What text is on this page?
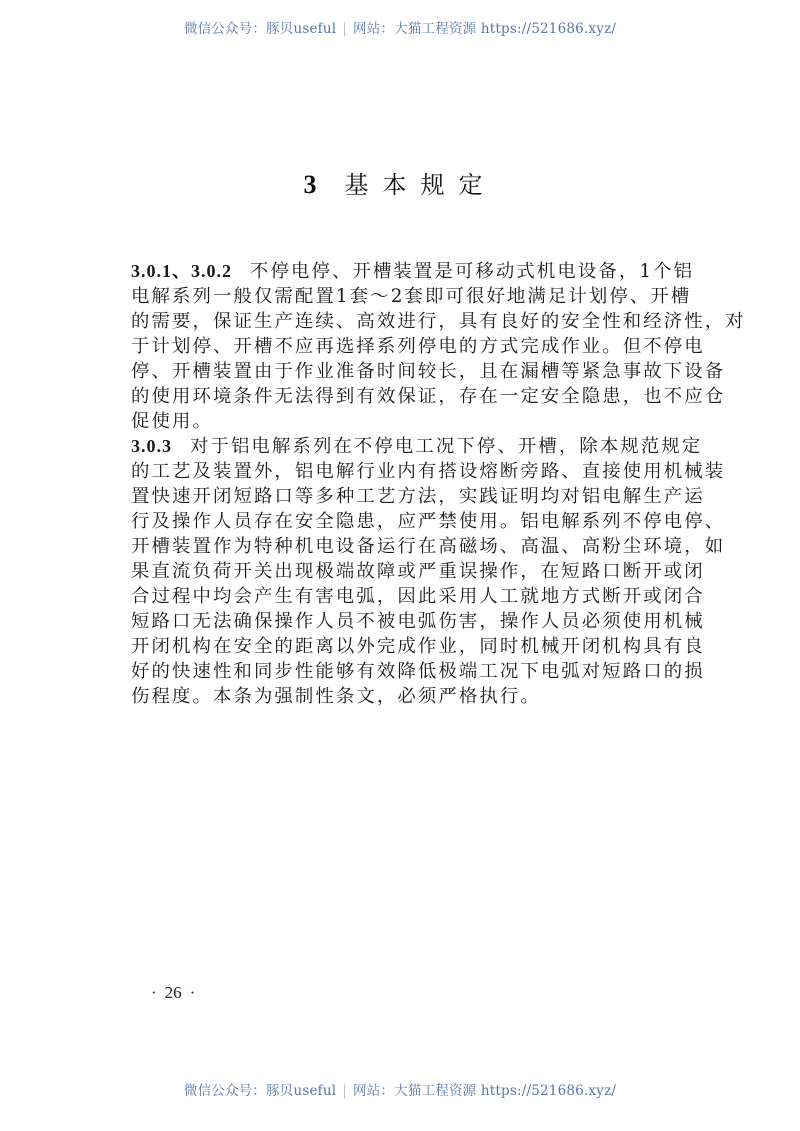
微信公众号：豚贝useful | 网站：大猫工程资源 https://521686.xyz/
3 基本规定
3.0.1、3.0.2 不停电停、开槽装置是可移动式机电设备，1个铝
电解系列一般仅需配置1套～2套即可很好地满足计划停、开槽
的需要，保证生产连续、高效进行，具有良好的安全性和经济性，对
于计划停、开槽不应再选择系列停电的方式完成作业。但不停电
停、开槽装置由于作业准备时间较长，且在漏槽等紧急事故下设备
的使用环境条件无法得到有效保证，存在一定安全隐患，也不应仓
促使用。
3.0.3 对于铝电解系列在不停电工况下停、开槽，除本规范规定
的工艺及装置外，铝电解行业内有搭设熔断旁路、直接使用机械装
置快速开闭短路口等多种工艺方法，实践证明均对铝电解生产运
行及操作人员存在安全隐患，应严禁使用。铝电解系列不停电停、
开槽装置作为特种机电设备运行在高磁场、高温、高粉尘环境，如
果直流负荷开关出现极端故障或严重误操作，在短路口断开或闭
合过程中均会产生有害电弧，因此采用人工就地方式断开或闭合
短路口无法确保操作人员不被电弧伤害，操作人员必须使用机械
开闭机构在安全的距离以外完成作业，同时机械开闭机构具有良
好的快速性和同步性能够有效降低极端工况下电弧对短路口的损
伤程度。本条为强制性条文，必须严格执行。
· 26 ·
微信公众号：豚贝useful | 网站：大猫工程资源 https://521686.xyz/
